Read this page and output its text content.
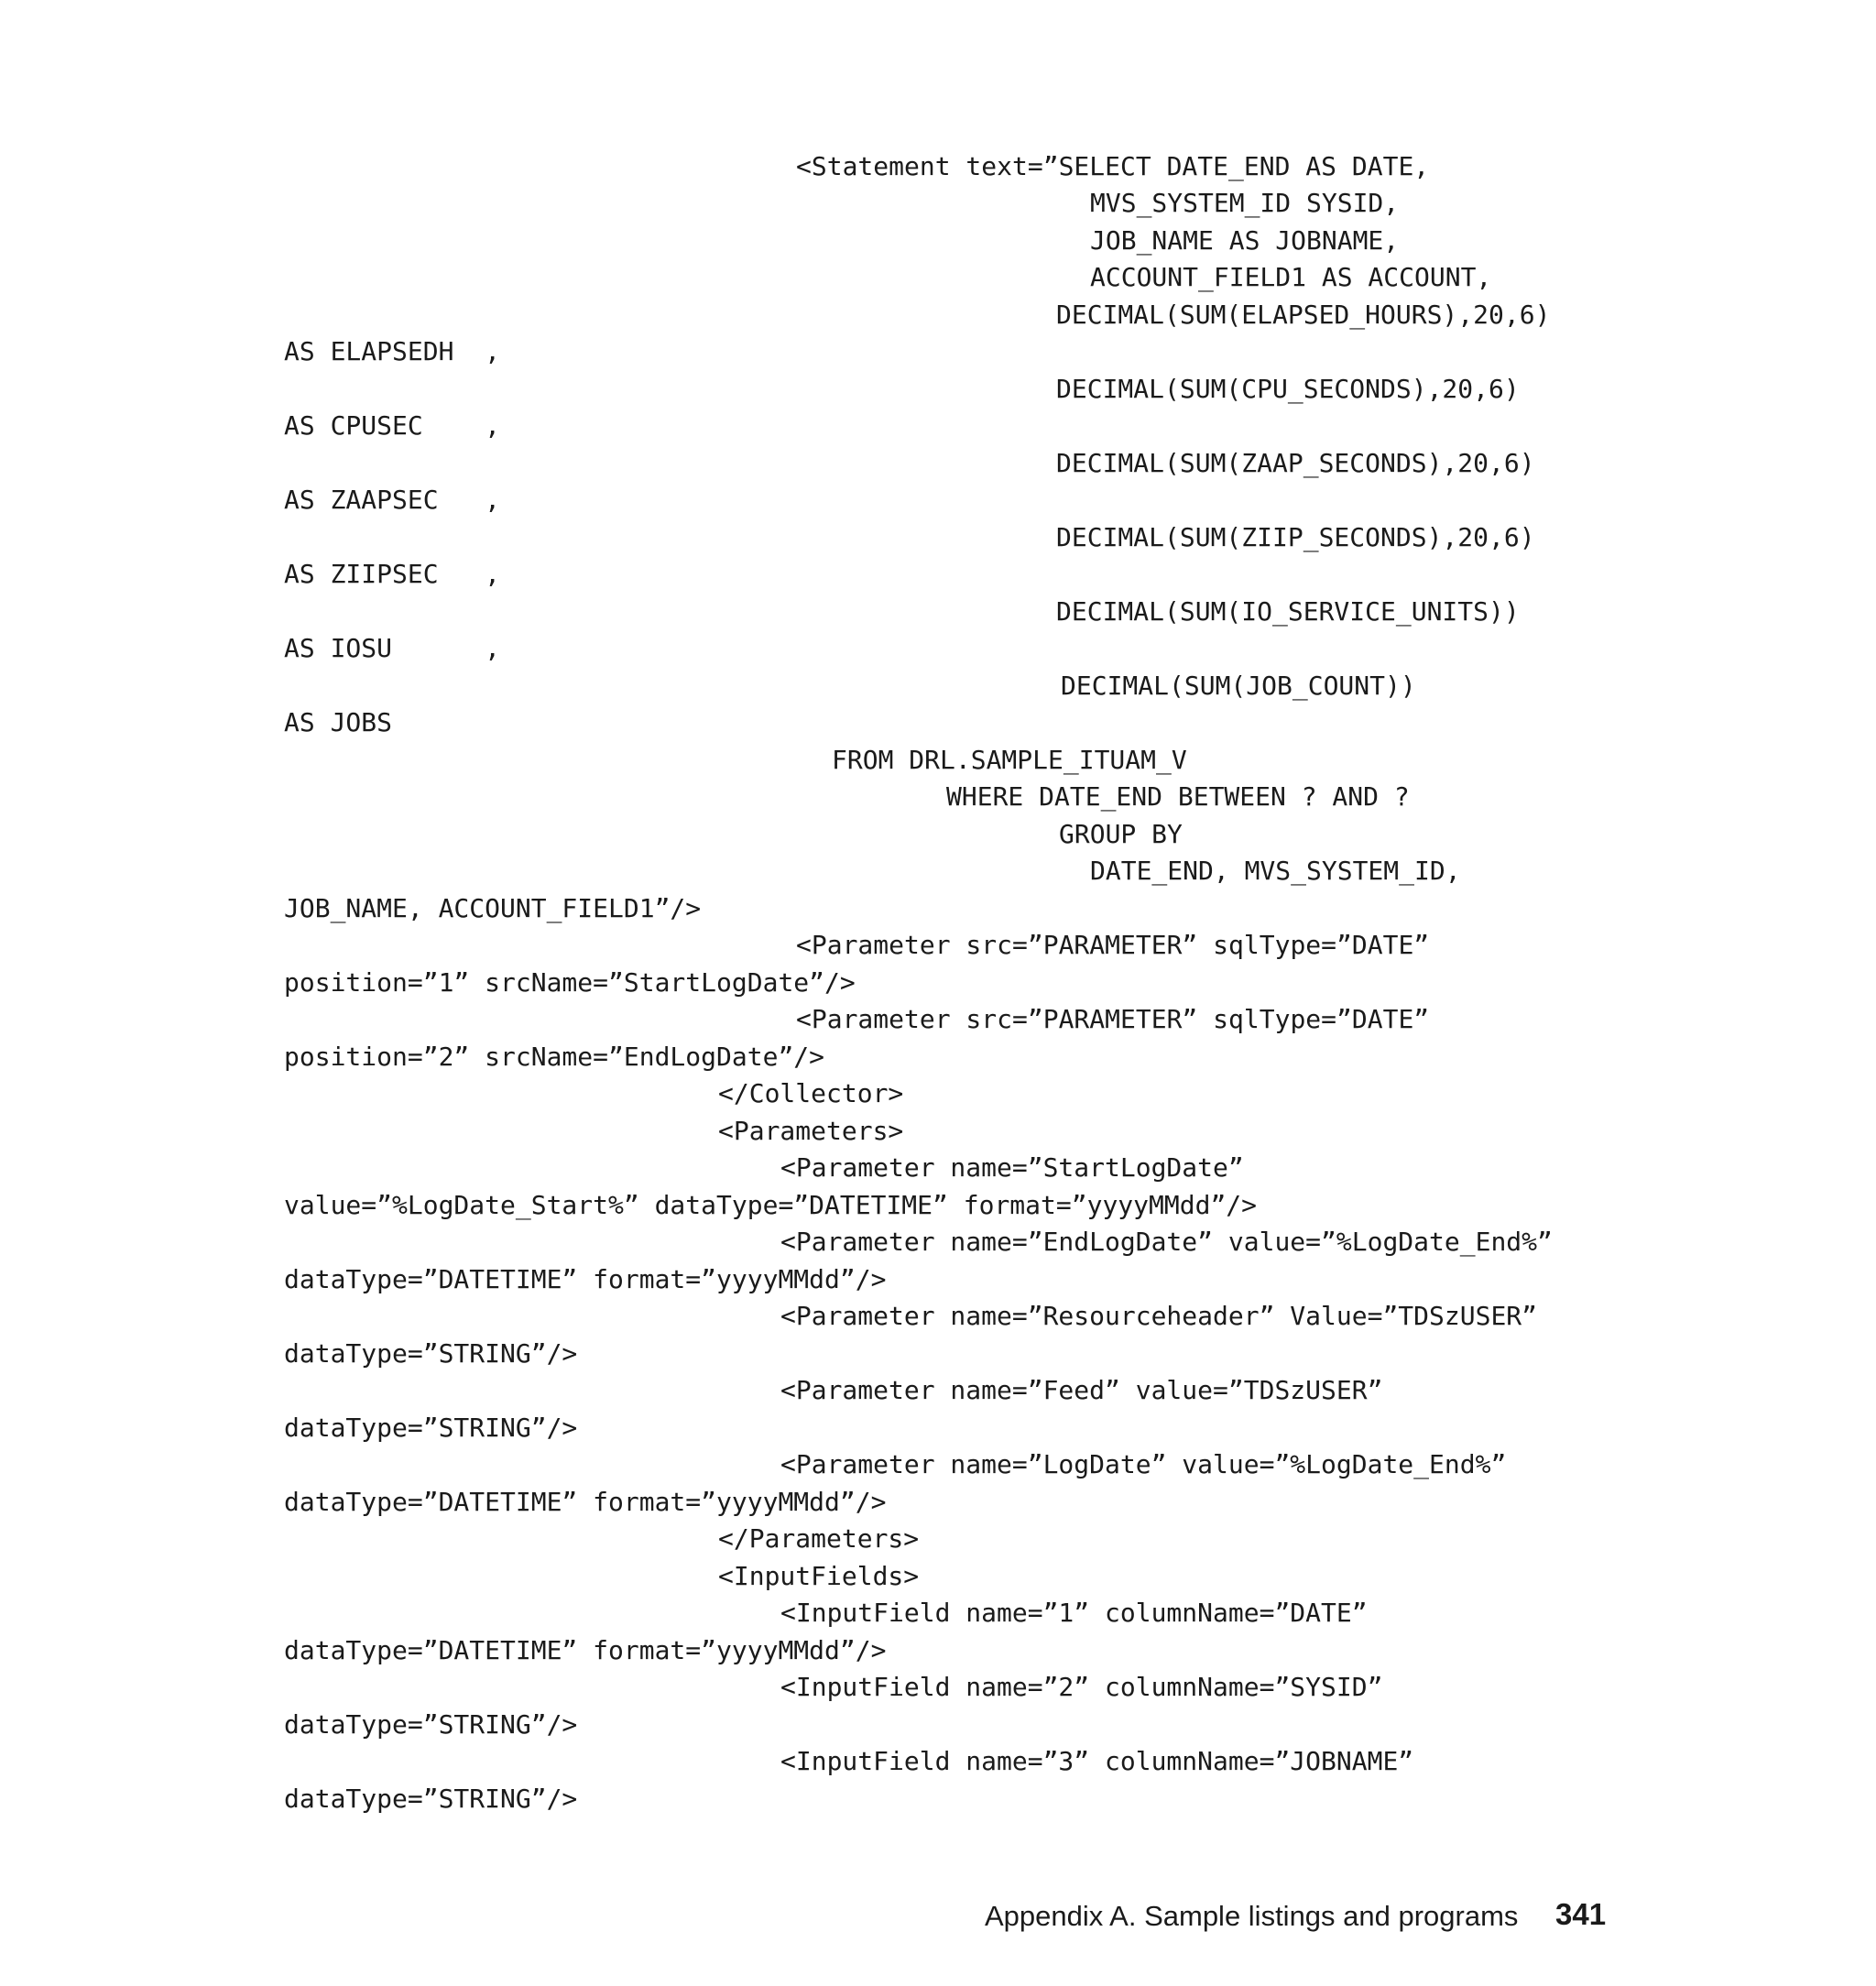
<Statement text=”SELECT DATE_END AS DATE,
MVS_SYSTEM_ID SYSID,
JOB_NAME AS JOBNAME,
ACCOUNT_FIELD1 AS ACCOUNT,
DECIMAL(SUM(ELAPSED_HOURS),20,6)
AS ELAPSEDH  ,
DECIMAL(SUM(CPU_SECONDS),20,6)
AS CPUSEC    ,
DECIMAL(SUM(ZAAP_SECONDS),20,6)
AS ZAAPSEC   ,
DECIMAL(SUM(ZIIP_SECONDS),20,6)
AS ZIIPSEC   ,
DECIMAL(SUM(IO_SERVICE_UNITS))
AS IOSU      ,
DECIMAL(SUM(JOB_COUNT))
AS JOBS
FROM DRL.SAMPLE_ITUAM_V
WHERE DATE_END BETWEEN ? AND ?
GROUP BY
DATE_END, MVS_SYSTEM_ID,
JOB_NAME, ACCOUNT_FIELD1”/>
<Parameter src=”PARAMETER” sqlType=”DATE”
position=”1” srcName=”StartLogDate”/>
<Parameter src=”PARAMETER” sqlType=”DATE”
position=”2” srcName=”EndLogDate”/>
</Collector>
<Parameters>
<Parameter name=”StartLogDate”
value=”%LogDate_Start%” dataType=”DATETIME” format=”yyyyMMdd”/>
<Parameter name=”EndLogDate” value=”%LogDate_End%”
dataType=”DATETIME” format=”yyyyMMdd”/>
<Parameter name=”Resourceheader” Value=”TDSzUSER”
dataType=”STRING”/>
<Parameter name=”Feed” value=”TDSzUSER”
dataType=”STRING”/>
<Parameter name=”LogDate” value=”%LogDate_End%”
dataType=”DATETIME” format=”yyyyMMdd”/>
</Parameters>
<InputFields>
<InputField name=”1” columnName=”DATE”
dataType=”DATETIME” format=”yyyyMMdd”/>
<InputField name=”2” columnName=”SYSID”
dataType=”STRING”/>
<InputField name=”3” columnName=”JOBNAME”
dataType=”STRING”/>
Appendix A. Sample listings and programs 341
